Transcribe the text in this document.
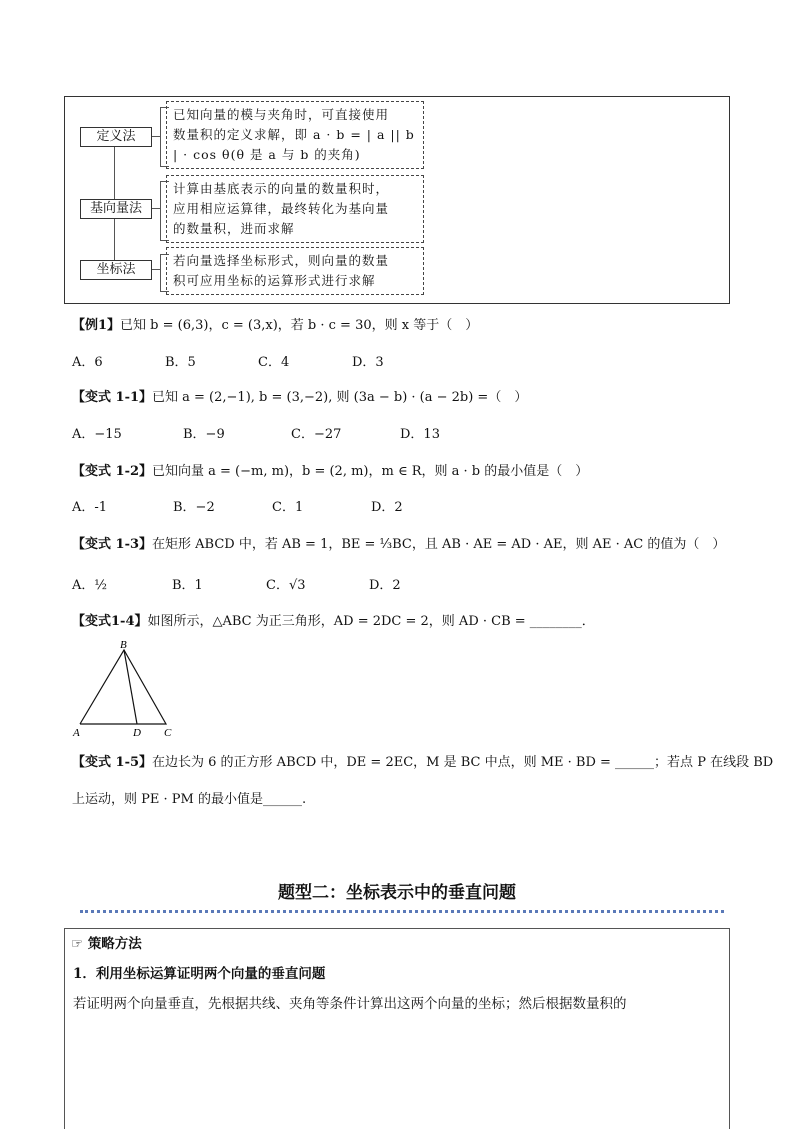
定义法
已知向量的模与夹角时，可直接使用
数量积的定义求解，即 a · b = | a || b
| · cos θ(θ 是 a 与 b 的夹角)
基向量法
计算由基底表示的向量的数量积时，
应用相应运算律，最终转化为基向量
的数量积，进而求解
坐标法
若向量选择坐标形式，则向量的数量
积可应用坐标的运算形式进行求解
【例1】已知 b = (6,3)，c = (3,x)，若 b · c = 30，则 x 等于（　）
A．6	B．5	C．4	D．3
【变式 1-1】已知 a = (2,−1), b = (3,−2), 则 (3a − b) · (a − 2b) =（　）
A．−15	B．−9	C．−27	D．13
【变式 1-2】已知向量 a = (−m, m)，b = (2, m)，m ∈ R，则 a · b 的最小值是（　）
A．-1	B．−2	C．1	D．2
【变式 1-3】在矩形 ABCD 中，若 AB = 1，BE = ⅓BC，且 AB · AE = AD · AE，则 AE · AC 的值为（　）
A．½	B．1	C．√3	D．2
【变式1-4】如图所示，△ABC 为正三角形，AD = 2DC = 2，则 AD · CB = ________．
B
A	D C
【变式 1-5】在边长为 6 的正方形 ABCD 中，DE = 2EC，M 是 BC 中点，则 ME · BD = ______；若点 P 在线段 BD
上运动，则 PE · PM 的最小值是______.
题型二：坐标表示中的垂直问题
☞ 策略方法
1．利用坐标运算证明两个向量的垂直问题
若证明两个向量垂直，先根据共线、夹角等条件计算出这两个向量的坐标；然后根据数量积的
